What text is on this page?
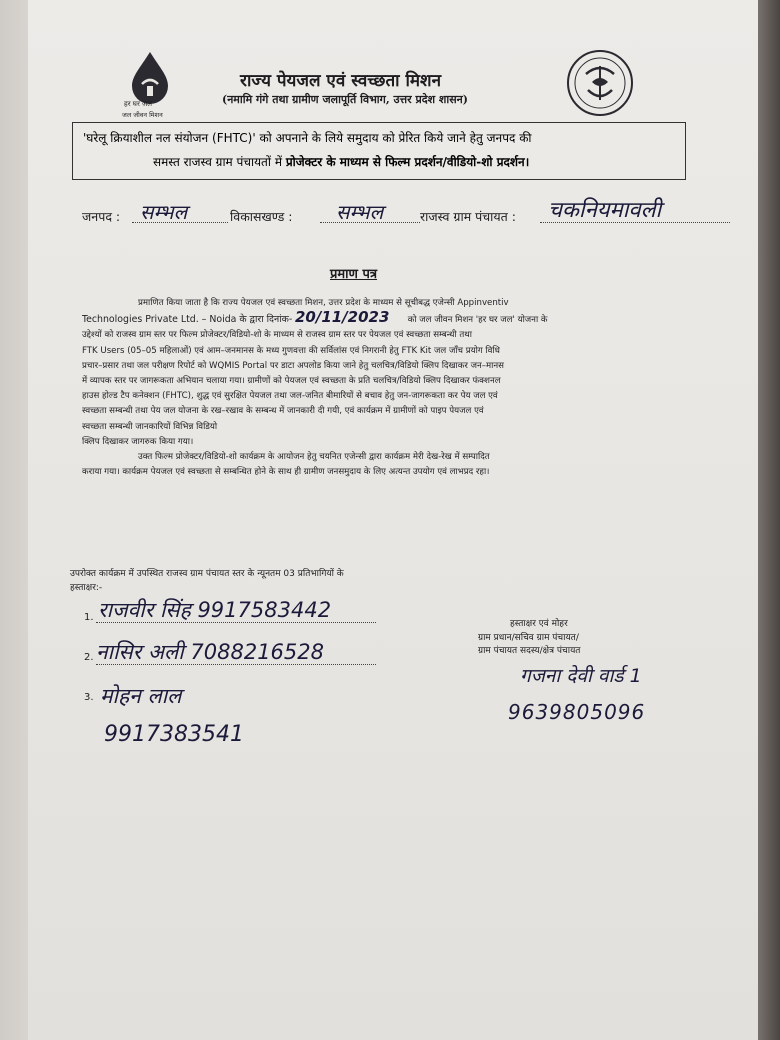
हर घर जल
जल जीवन मिशन
राज्य पेयजल एवं स्वच्छता मिशन
(नमामि गंगे तथा ग्रामीण जलापूर्ति विभाग, उत्तर प्रदेश शासन)
'घरेलू क्रियाशील नल संयोजन (FHTC)' को अपनाने के लिये समुदाय को प्रेरित किये जाने हेतु जनपद की
समस्त राजस्व ग्राम पंचायतों में प्रोजेक्टर के माध्यम से फिल्म प्रदर्शन/वीडियो-शो प्रदर्शन।
जनपद : सम्भल	विकासखण्ड : सम्भल	राजस्व ग्राम पंचायत : चकनियमावली
प्रमाण पत्र

प्रमाणित किया जाता है कि राज्य पेयजल एवं स्वच्छता मिशन, उत्तर प्रदेश के माध्यम से सूचीबद्ध एजेन्सी Appinventiv

Technologies Private Ltd. – Noida के द्वारा दिनांक- 20/11/2023 को जल जीवन मिशन 'हर घर जल' योजना के

उद्देश्यों को राजस्व ग्राम स्तर पर फिल्म प्रोजेक्टर/विडियो-शो के माध्यम से राजस्व ग्राम स्तर पर पेयजल एवं स्वच्छता सम्बन्धी तथा

FTK Users (05–05 महिलाओं) एवं आम–जनमानस के मध्य गुणवत्ता की सर्विलांस एवं निगरानी हेतु FTK Kit जल जाँच प्रयोग विधि

प्रचार–प्रसार तथा जल परीक्षण रिपोर्ट को WQMIS Portal पर डाटा अपलोड किया जाने हेतु चलचित्र/विडियो क्लिप दिखाकर जन–मानस

में व्यापक स्तर पर जागरूकता अभियान चलाया गया। ग्रामीणों को पेयजल एवं स्वच्छता के प्रति चलचित्र/विडियो क्लिप दिखाकर फंक्शनल

हाउस होल्ड टैप कनेक्शन (FHTC), शुद्ध एवं सुरक्षित पेयजल तथा जल-जनित बीमारियों से बचाव हेतु जन-जागरूकता कर पेय जल एवं

स्वच्छता सम्बन्धी तथा पेय जल योजना के रख–रखाव के सम्बन्ध में जानकारी दी गयी, एवं कार्यक्रम में ग्रामीणों को पाइप पेयजल एवं

स्वच्छता सम्बन्धी जानकारियों विभिन्न विडियो

क्लिप दिखाकर जागरुक किया गया।

उक्त फिल्म प्रोजेक्टर/विडियो-शो कार्यक्रम के आयोजन हेतु चयनित एजेन्सी द्वारा कार्यक्रम मेरी देख-रेख में सम्पादित

कराया गया। कार्यक्रम पेयजल एवं स्वच्छता से सम्बन्धित होने के साथ ही ग्रामीण जनसमुदाय के लिए अत्यन्त उपयोग एवं लाभप्रद रहा।

उपरोक्त कार्यक्रम में उपस्थित राजस्व ग्राम पंचायत स्तर के न्यूनतम 03 प्रतिभागियों के
हस्ताक्षर:-
1. राजवीर सिंह 9917583442
2. नासिर अली 7088216528
3. मोहन लाल
9917383541
हस्ताक्षर एवं मोहर
ग्राम प्रधान/सचिव ग्राम पंचायत/
ग्राम पंचायत सदस्य/क्षेत्र पंचायत
गजना देवी वार्ड 1
9639805096
